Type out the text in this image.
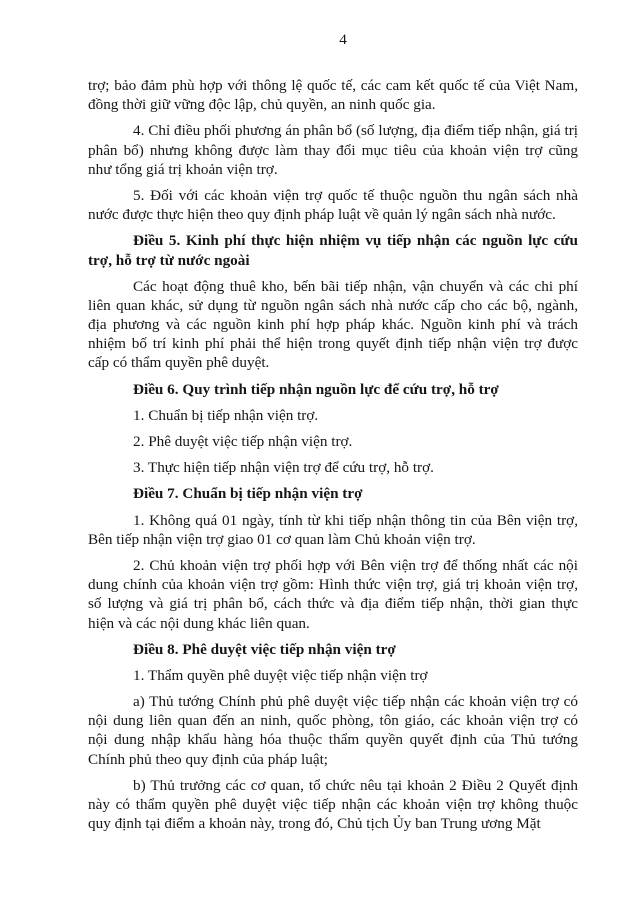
4
trợ; bảo đảm phù hợp với thông lệ quốc tế, các cam kết quốc tế của Việt Nam,
đồng thời giữ vững độc lập, chủ quyền, an ninh quốc gia.
4. Chỉ điều phối phương án phân bổ (số lượng, địa điểm tiếp nhận, giá trị
phân bổ) nhưng không được làm thay đổi mục tiêu của khoản viện trợ cũng
như tổng giá trị khoản viện trợ.
5. Đối với các khoản viện trợ quốc tế thuộc nguồn thu ngân sách nhà
nước được thực hiện theo quy định pháp luật về quản lý ngân sách nhà nước.
Điều 5. Kinh phí thực hiện nhiệm vụ tiếp nhận các nguồn lực cứu
trợ, hỗ trợ từ nước ngoài
Các hoạt động thuê kho, bến bãi tiếp nhận, vận chuyển và các chi phí
liên quan khác, sử dụng từ nguồn ngân sách nhà nước cấp cho các bộ, ngành,
địa phương và các nguồn kinh phí hợp pháp khác. Nguồn kinh phí và trách
nhiệm bố trí kinh phí phải thể hiện trong quyết định tiếp nhận viện trợ được
cấp có thẩm quyền phê duyệt.
Điều 6. Quy trình tiếp nhận nguồn lực để cứu trợ, hỗ trợ
1. Chuẩn bị tiếp nhận viện trợ.
2. Phê duyệt việc tiếp nhận viện trợ.
3. Thực hiện tiếp nhận viện trợ để cứu trợ, hỗ trợ.
Điều 7. Chuẩn bị tiếp nhận viện trợ
1. Không quá 01 ngày, tính từ khi tiếp nhận thông tin của Bên viện trợ,
Bên tiếp nhận viện trợ giao 01 cơ quan làm Chủ khoản viện trợ.
2. Chủ khoản viện trợ phối hợp với Bên viện trợ để thống nhất các nội
dung chính của khoản viện trợ gồm: Hình thức viện trợ, giá trị khoản viện trợ,
số lượng và giá trị phân bổ, cách thức và địa điểm tiếp nhận, thời gian thực
hiện và các nội dung khác liên quan.
Điều 8. Phê duyệt việc tiếp nhận viện trợ
1. Thẩm quyền phê duyệt việc tiếp nhận viện trợ
a) Thủ tướng Chính phủ phê duyệt việc tiếp nhận các khoản viện trợ có
nội dung liên quan đến an ninh, quốc phòng, tôn giáo, các khoản viện trợ có
nội dung nhập khẩu hàng hóa thuộc thẩm quyền quyết định của Thủ tướng
Chính phủ theo quy định của pháp luật;
b) Thủ trưởng các cơ quan, tổ chức nêu tại khoản 2 Điều 2 Quyết định
này có thẩm quyền phê duyệt việc tiếp nhận các khoản viện trợ không thuộc
quy định tại điểm a khoản này, trong đó, Chủ tịch Ủy ban Trung ương Mặt
